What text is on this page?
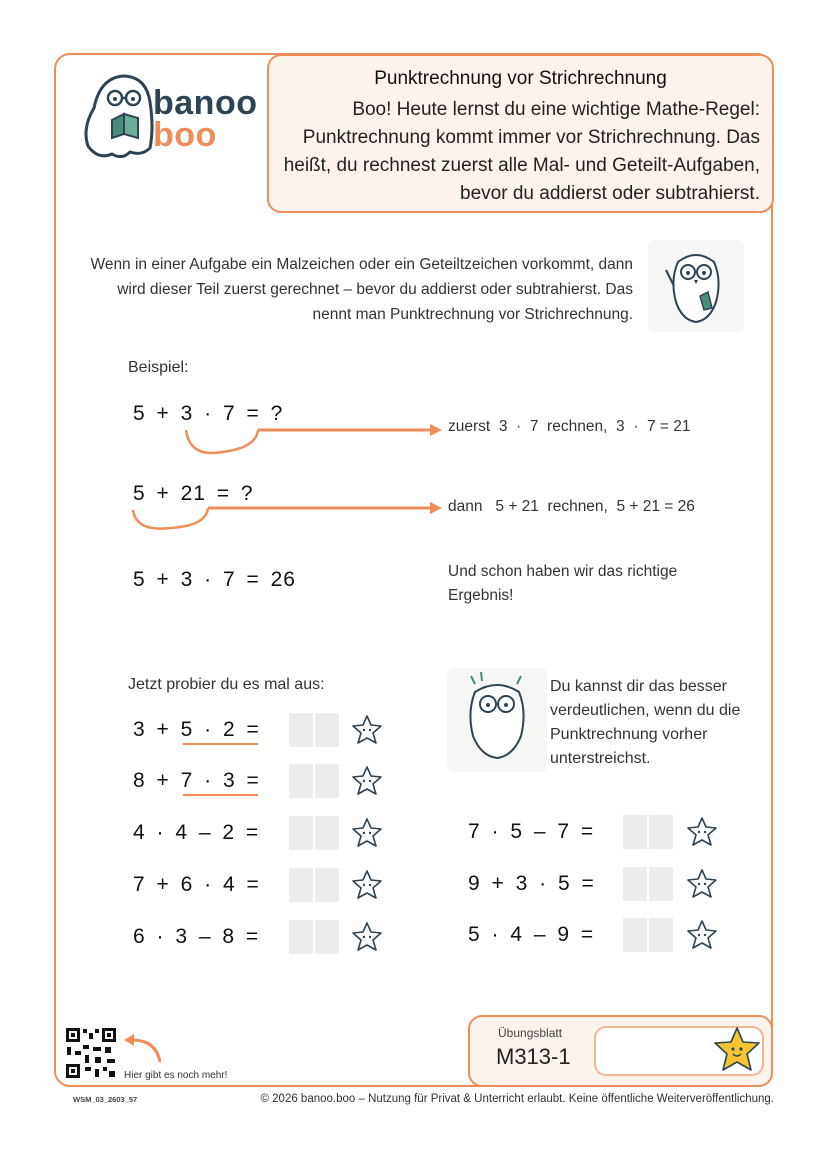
banoo
boo
Punktrechnung vor Strichrechnung
Boo! Heute lernst du eine wichtige Mathe-Regel: Punktrechnung kommt immer vor Strichrechnung. Das heißt, du rechnest zuerst alle Mal- und Geteilt-Aufgaben, bevor du addierst oder subtrahierst.
Wenn in einer Aufgabe ein Malzeichen oder ein Geteiltzeichen vorkommt, dann wird dieser Teil zuerst gerechnet – bevor du addierst oder subtrahierst. Das nennt man Punktrechnung vor Strichrechnung.
Beispiel:
5 + 3 · 7 = ?
zuerst  3  ·  7  rechnen,  3  ·  7 = 21
5 + 21 = ?
dann   5 + 21  rechnen,  5 + 21 = 26
5 + 3 · 7 = 26	Und schon haben wir das richtige Ergebnis!
Jetzt probier du es mal aus:	Du kannst dir das besser verdeutlichen, wenn du die Punktrechnung vorher unterstreichst.
3 + 5 · 2 =
8 + 7 · 3 =
4 · 4 – 2 =
7 + 6 · 4 =
6 · 3 – 8 =
7 · 5 – 7 =
9 + 3 · 5 =
5 · 4 – 9 =
Hier gibt es noch mehr!
Übungsblatt
M313-1
WSM_03_2603_57	© 2026 banoo.boo – Nutzung für Privat & Unterricht erlaubt. Keine öffentliche Weiterveröffentlichung.
